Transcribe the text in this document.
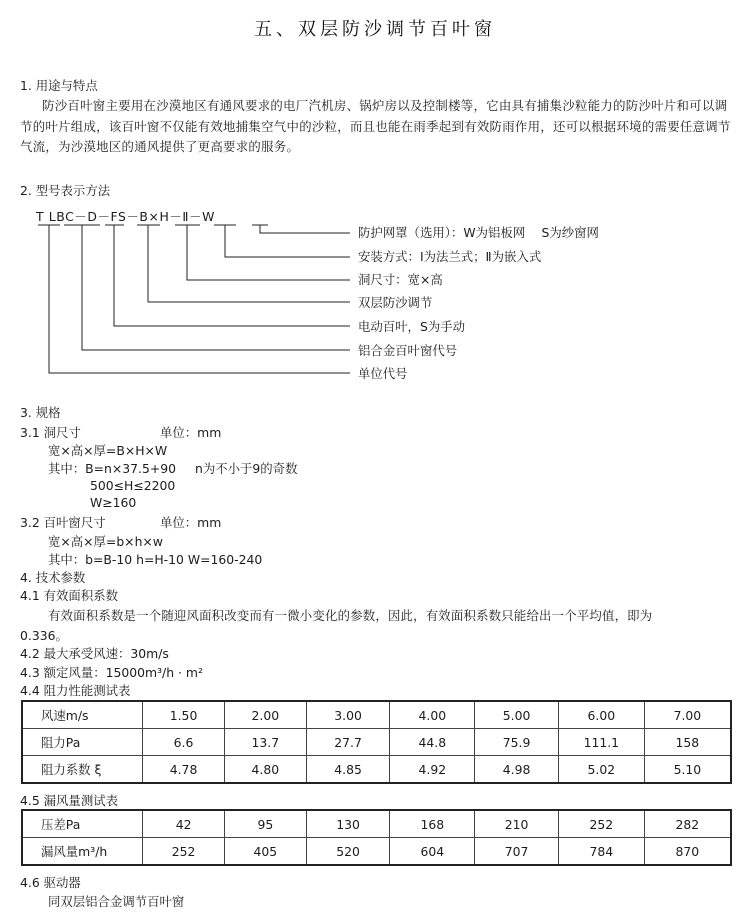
五、双层防沙调节百叶窗
1. 用途与特点
防沙百叶窗主要用在沙漠地区有通风要求的电厂汽机房、锅炉房以及控制楼等，它由具有捕集沙粒能力的防沙叶片和可以调节的叶片组成，该百叶窗不仅能有效地捕集空气中的沙粒，而且也能在雨季起到有效防雨作用，还可以根据环境的需要任意调节气流，为沙漠地区的通风提供了更高要求的服务。
2. 型号表示方法
T LBC－D－FS－B×H－Ⅱ－W
防护网罩（选用）：W为铝板网　 S为纱窗网
安装方式：Ⅰ为法兰式；Ⅱ为嵌入式
洞尺寸：宽×高
双层防沙调节
电动百叶，S为手动
铝合金百叶窗代号
单位代号
3. 规格
3.1 洞尺寸	单位：mm
宽×高×厚=B×H×W
其中：B=n×37.5+90 n为不小于9的奇数
500≤H≤2200
W≥160
3.2 百叶窗尺寸	单位：mm
宽×高×厚=b×h×w
其中：b=B-10 h=H-10 W=160-240
4. 技术参数
4.1 有效面积系数
有效面积系数是一个随迎风面积改变而有一微小变化的参数，因此，有效面积系数只能给出一个平均值，即为
0.336。
4.2 最大承受风速：30m/s
4.3 额定风量：15000m³/h · m²
4.4 阻力性能测试表
风速m/s	1.50	2.00	3.00	4.00	5.00	6.00	7.00
阻力Pa	6.6	13.7	27.7	44.8	75.9	111.1	158
阻力系数 ξ	4.78	4.80	4.85	4.92	4.98	5.02	5.10
4.5 漏风量测试表
压差Pa	42	95	130	168	210	252	282
漏风量m³/h	252	405	520	604	707	784	870
4.6 驱动器
同双层铝合金调节百叶窗
